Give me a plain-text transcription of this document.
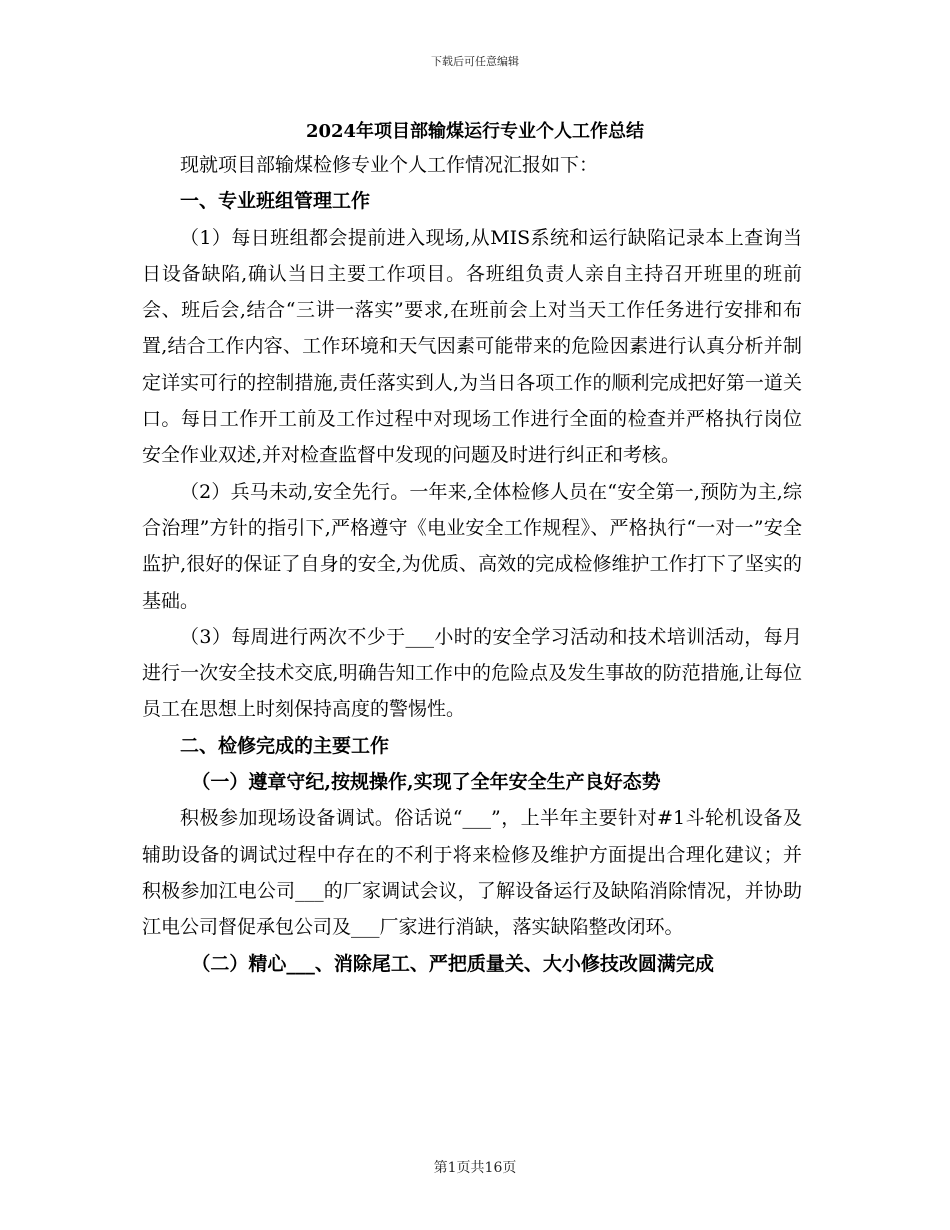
下载后可任意编辑
2024年项目部输煤运行专业个人工作总结

现就项目部输煤检修专业个人工作情况汇报如下：

一、专业班组管理工作

（1）每日班组都会提前进入现场,从MIS系统和运行缺陷记录本上查询当日设备缺陷,确认当日主要工作项目。各班组负责人亲自主持召开班里的班前会、班后会,结合“三讲一落实”要求,在班前会上对当天工作任务进行安排和布置,结合工作内容、工作环境和天气因素可能带来的危险因素进行认真分析并制定详实可行的控制措施,责任落实到人,为当日各项工作的顺利完成把好第一道关口。每日工作开工前及工作过程中对现场工作进行全面的检查并严格执行岗位安全作业双述,并对检查监督中发现的问题及时进行纠正和考核。

（2）兵马未动,安全先行。一年来,全体检修人员在“安全第一,预防为主,综合治理”方针的指引下,严格遵守《电业安全工作规程》、严格执行“一对一”安全监护,很好的保证了自身的安全,为优质、高效的完成检修维护工作打下了坚实的基础。

（3）每周进行两次不少于___小时的安全学习活动和技术培训活动，每月进行一次安全技术交底,明确告知工作中的危险点及发生事故的防范措施,让每位员工在思想上时刻保持高度的警惕性。

二、检修完成的主要工作

（一）遵章守纪,按规操作,实现了全年安全生产良好态势

积极参加现场设备调试。俗话说“___”，上半年主要针对#1斗轮机设备及辅助设备的调试过程中存在的不利于将来检修及维护方面提出合理化建议；并积极参加江电公司___的厂家调试会议，了解设备运行及缺陷消除情况，并协助江电公司督促承包公司及___厂家进行消缺，落实缺陷整改闭环。

（二）精心___、消除尾工、严把质量关、大小修技改圆满完成

第1页共16页
